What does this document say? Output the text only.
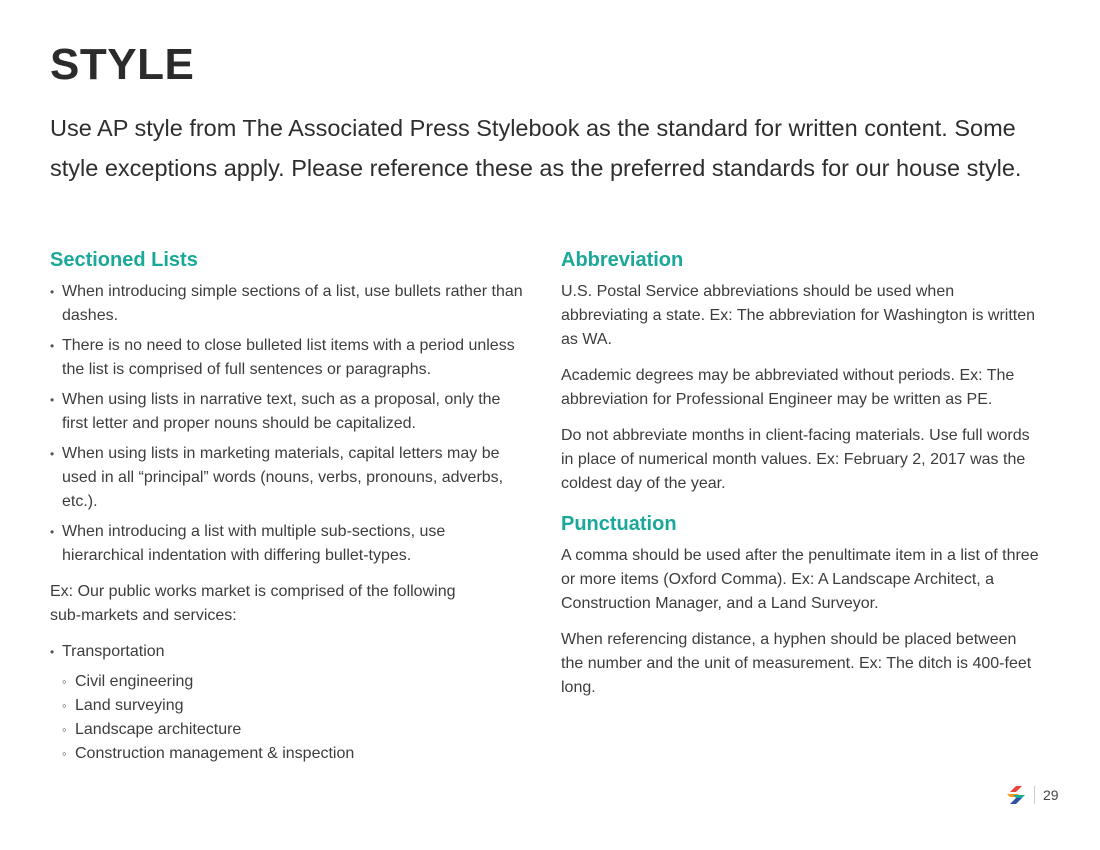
STYLE

Use AP style from The Associated Press Stylebook as the standard for written content. Some style exceptions apply. Please reference these as the preferred standards for our house style.

Sectioned Lists
• When introducing simple sections of a list, use bullets rather than dashes.
• There is no need to close bulleted list items with a period unless the list is comprised of full sentences or paragraphs.
• When using lists in narrative text, such as a proposal, only the first letter and proper nouns should be capitalized.
• When using lists in marketing materials, capital letters may be used in all “principal” words (nouns, verbs, pronouns, adverbs, etc.).
• When introducing a list with multiple sub-sections, use hierarchical indentation with differing bullet-types.

Ex: Our public works market is comprised of the following sub-markets and services:

• Transportation
◦ Civil engineering
◦ Land surveying
◦ Landscape architecture
◦ Construction management & inspection
Abbreviation

U.S. Postal Service abbreviations should be used when abbreviating a state. Ex: The abbreviation for Washington is written as WA.

Academic degrees may be abbreviated without periods. Ex: The abbreviation for Professional Engineer may be written as PE.

Do not abbreviate months in client-facing materials. Use full words in place of numerical month values. Ex: February 2, 2017 was the coldest day of the year.

Punctuation

A comma should be used after the penultimate item in a list of three or more items (Oxford Comma). Ex: A Landscape Architect, a Construction Manager, and a Land Surveyor.

When referencing distance, a hyphen should be placed between the number and the unit of measurement. Ex: The ditch is 400-feet long.

29
